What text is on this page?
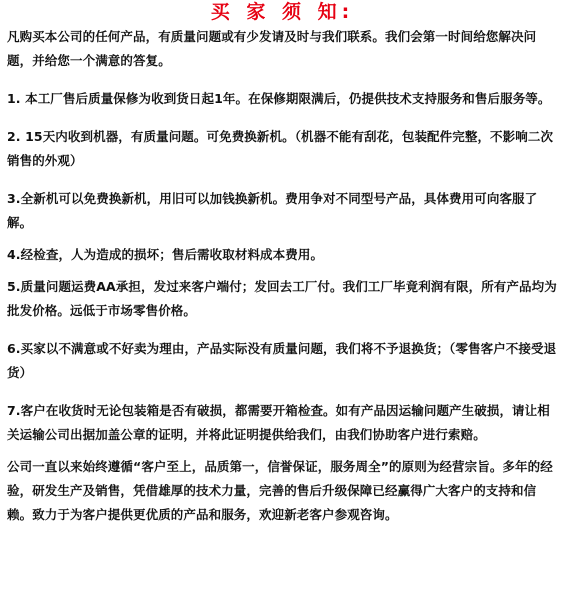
买 家 须 知:

凡购买本公司的任何产品，有质量问题或有少发请及时与我们联系。我们会第一时间给您解决问题，并给您一个满意的答复。

1. 本工厂售后质量保修为收到货日起1年。在保修期限满后，仍提供技术支持服务和售后服务等。

2. 15天内收到机器，有质量问题。可免费换新机。（机器不能有刮花，包装配件完整，不影响二次销售的外观）

3.全新机可以免费换新机，用旧可以加钱换新机。费用争对不同型号产品，具体费用可向客服了解。

4.经检查，人为造成的损坏；售后需收取材料成本费用。

5.质量问题运费AA承担，发过来客户端付；发回去工厂付。我们工厂毕竟利润有限，所有产品均为批发价格。远低于市场零售价格。

6.买家以不满意或不好卖为理由，产品实际没有质量问题，我们将不予退换货；（零售客户不接受退货）

7.客户在收货时无论包装箱是否有破损，都需要开箱检查。如有产品因运输问题产生破损，请让相关运输公司出据加盖公章的证明，并将此证明提供给我们，由我们协助客户进行索赔。

公司一直以来始终遵循“客户至上，品质第一，信誉保证，服务周全”的原则为经营宗旨。多年的经验，研发生产及销售，凭借雄厚的技术力量，完善的售后升级保障已经赢得广大客户的支持和信赖。致力于为客户提供更优质的产品和服务，欢迎新老客户参观咨询。
